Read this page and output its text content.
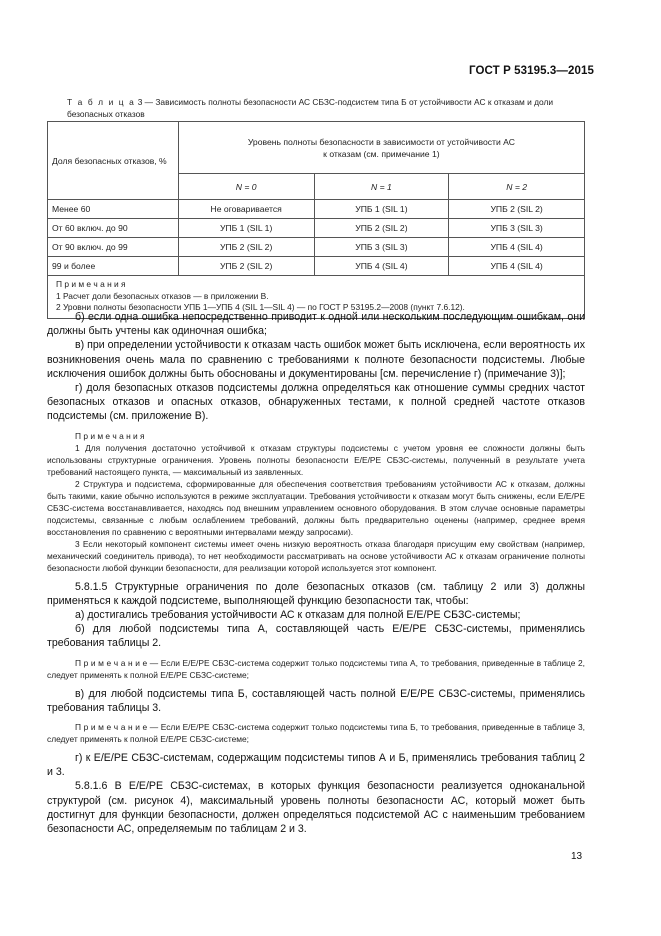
ГОСТ Р 53195.3—2015
Т а б л и ц а 3 — Зависимость полноты безопасности АС СБЗС-подсистем типа Б от устойчивости АС к отказам и доли безопасных отказов
Доля безопасных отказов, %	Уровень полноты безопасности в зависимости от устойчивости АС
к отказам (см. примечание 1)		

	N = 0	N = 1	N = 2
Менее 60	Не оговаривается	УПБ 1 (SIL 1)	УПБ 2 (SIL 2)
От 60 включ. до 90	УПБ 1 (SIL 1)	УПБ 2 (SIL 2)	УПБ 3 (SIL 3)
От 90 включ. до 99	УПБ 2 (SIL 2)	УПБ 3 (SIL 3)	УПБ 4 (SIL 4)
99 и более	УПБ 2 (SIL 2)	УПБ 4 (SIL 4)	УПБ 4 (SIL 4)

П р и м е ч а н и я
1 Расчет доли безопасных отказов — в приложении В.
2 Уровни полноты безопасности УПБ 1—УПБ 4 (SIL 1—SIL 4) — по ГОСТ Р 53195.2—2008 (пункт 7.6.12).			

б) если одна ошибка непосредственно приводит к одной или нескольким последующим ошибкам, они должны быть учтены как одиночная ошибка;

в) при определении устойчивости к отказам часть ошибок может быть исключена, если вероятность их возникновения очень мала по сравнению с требованиями к полноте безопасности подсистемы. Любые исключения ошибок должны быть обоснованы и документированы [см. перечисление г) (примечание 3)];

г) доля безопасных отказов подсистемы должна определяться как отношение суммы средних частот безопасных отказов и опасных отказов, обнаруженных тестами, к полной средней частоте отказов подсистемы (см. приложение В).

П р и м е ч а н и я

1 Для получения достаточно устойчивой к отказам структуры подсистемы с учетом уровня ее сложности должны быть использованы структурные ограничения. Уровень полноты безопасности E/E/PE СБЗС-системы, полученный в результате учета требований настоящего пункта, — максимальный из заявленных.

2 Структура и подсистема, сформированные для обеспечения соответствия требованиям устойчивости АС к отказам, должны быть такими, какие обычно используются в режиме эксплуатации. Требования устойчивости к отказам могут быть снижены, если E/E/PE СБЗС-система восстанавливается, находясь под внешним управлением основного оборудования. В этом случае основные параметры подсистемы, связанные с любым ослаблением требований, должны быть предварительно оценены (например, среднее время восстановления по сравнению с вероятными интервалами между запросами).

3 Если некоторый компонент системы имеет очень низкую вероятность отказа благодаря присущим ему свойствам (например, механический соединитель привода), то нет необходимости рассматривать на основе устойчивости АС к отказам ограничение полноты безопасности любой функции безопасности, для реализации которой используется этот компонент.

5.8.1.5 Структурные ограничения по доле безопасных отказов (см. таблицу 2 или 3) должны применяться к каждой подсистеме, выполняющей функцию безопасности так, чтобы:

а) достигались требования устойчивости АС к отказам для полной E/E/PE СБЗС-системы;

б) для любой подсистемы типа А, составляющей часть E/E/PE СБЗС-системы, применялись требования таблицы 2.

П р и м е ч а н и е — Если E/E/PE СБЗС-система содержит только подсистемы типа А, то требования, приведенные в таблице 2, следует применять к полной E/E/PE СБЗС-системе;

в) для любой подсистемы типа Б, составляющей часть полной E/E/PE СБЗС-системы, применялись требования таблицы 3.

П р и м е ч а н и е — Если E/E/PE СБЗС-система содержит только подсистемы типа Б, то требования, приведенные в таблице 3, следует применять к полной E/E/PE СБЗС-системе;

г) к E/E/PE СБЗС-системам, содержащим подсистемы типов А и Б, применялись требования таблиц 2 и 3.

5.8.1.6 В E/E/PE СБЗС-системах, в которых функция безопасности реализуется одноканальной структурой (см. рисунок 4), максимальный уровень полноты безопасности АС, который может быть достигнут для функции безопасности, должен определяться подсистемой АС с наименьшим требованием безопасности АС, определяемым по таблицам 2 и 3.

13
